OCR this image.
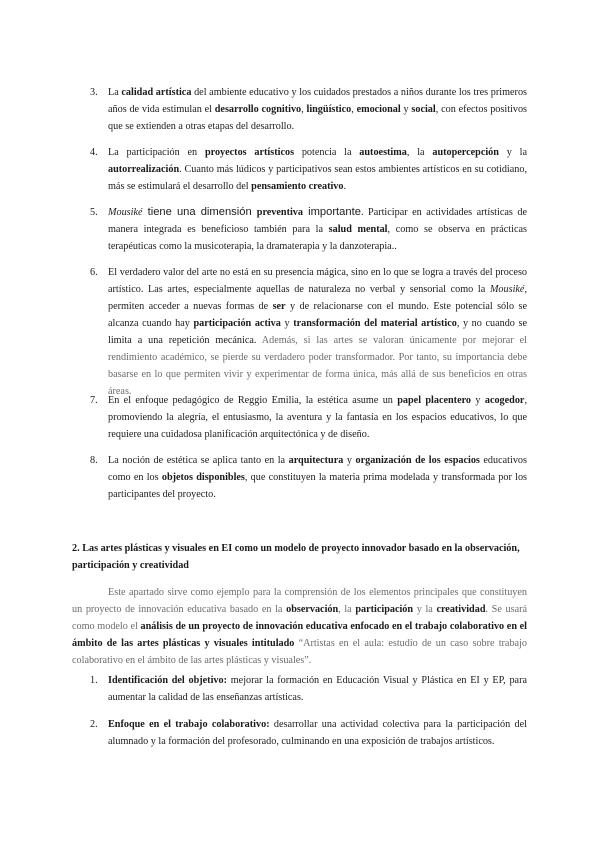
3.	La calidad artística del ambiente educativo y los cuidados prestados a niños durante los tres primeros años de vida estimulan el desarrollo cognitivo, lingüístico, emocional y social, con efectos positivos que se extienden a otras etapas del desarrollo.
4.	La participación en proyectos artísticos potencia la autoestima, la autopercepción y la autorrealización. Cuanto más lúdicos y participativos sean estos ambientes artísticos en su cotidiano, más se estimulará el desarrollo del pensamiento creativo.
5.	Mousiké tiene una dimensión preventiva importante. Participar en actividades artísticas de manera integrada es beneficioso también para la salud mental, como se observa en prácticas terapéuticas como la musicoterapia, la dramaterapia y la danzoterapia..
6.	El verdadero valor del arte no está en su presencia mágica, sino en lo que se logra a través del proceso artístico. Las artes, especialmente aquellas de naturaleza no verbal y sensorial como la Mousiké, permiten acceder a nuevas formas de ser y de relacionarse con el mundo. Este potencial sólo se alcanza cuando hay participación activa y transformación del material artístico, y no cuando se limita a una repetición mecánica. Además, si las artes se valoran únicamente por mejorar el rendimiento académico, se pierde su verdadero poder transformador. Por tanto, su importancia debe basarse en lo que permiten vivir y experimentar de forma única, más allá de sus beneficios en otras áreas.
7.	En el enfoque pedagógico de Reggio Emilia, la estética asume un papel placentero y acogedor, promoviendo la alegría, el entusiasmo, la aventura y la fantasía en los espacios educativos, lo que requiere una cuidadosa planificación arquitectónica y de diseño.
8.	La noción de estética se aplica tanto en la arquitectura y organización de los espacios educativos como en los objetos disponibles, que constituyen la materia prima modelada y transformada por los participantes del proyecto.
2. Las artes plásticas y visuales en EI como un modelo de proyecto innovador basado en la observación, participación y creatividad
Este apartado sirve como ejemplo para la comprensión de los elementos principales que constituyen un proyecto de innovación educativa basado en la observación, la participación y la creatividad. Se usará como modelo el análisis de un proyecto de innovación educativa enfocado en el trabajo colaborativo en el ámbito de las artes plásticas y visuales intitulado “Artistas en el aula: estudio de un caso sobre trabajo colaborativo en el ámbito de las artes plásticas y visuales”.
1.	Identificación del objetivo: mejorar la formación en Educación Visual y Plástica en EI y EP, para aumentar la calidad de las enseñanzas artísticas.
2.	Enfoque en el trabajo colaborativo: desarrollar una actividad colectiva para la participación del alumnado y la formación del profesorado, culminando en una exposición de trabajos artísticos.
